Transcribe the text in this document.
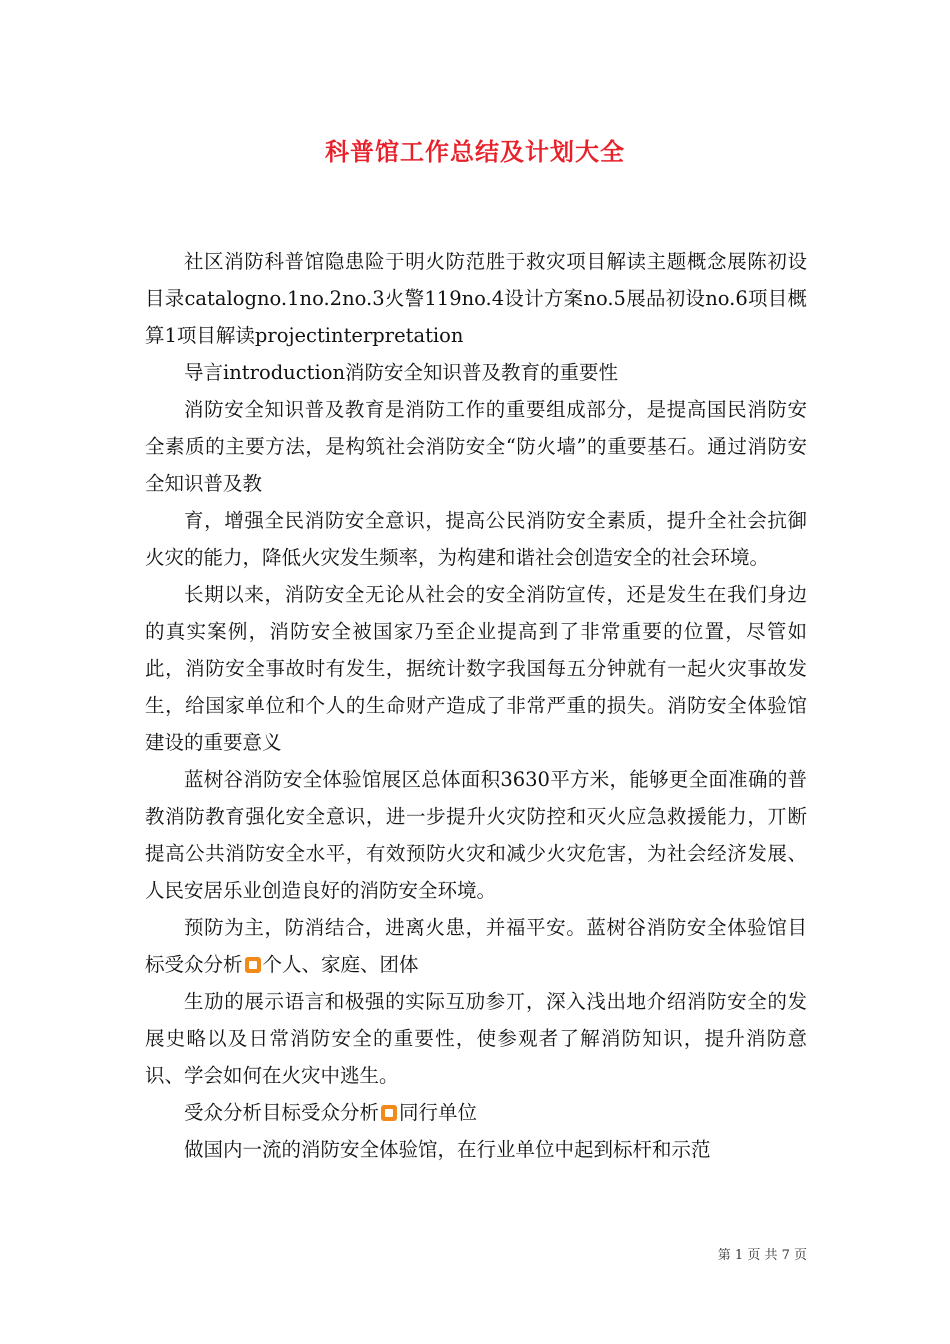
科普馆工作总结及计划大全

社区消防科普馆隐患险于明火防范胜于救灾项目解读主题概念展陈初设目录catalogno.1no.2no.3火警119no.4设计方案no.5展品初设no.6项目概算1项目解读projectinterpretation

导言introduction消防安全知识普及教育的重要性

消防安全知识普及教育是消防工作的重要组成部分，是提高国民消防安全素质的主要方法，是构筑社会消防安全“防火墙”的重要基石。通过消防安全知识普及教

育，增强全民消防安全意识，提高公民消防安全素质，提升全社会抗御火灾的能力，降低火灾发生频率，为构建和谐社会创造安全的社会环境。

长期以来，消防安全无论从社会的安全消防宣传，还是发生在我们身边的真实案例，消防安全被国家乃至企业提高到了非常重要的位置，尽管如此，消防安全事故时有发生，据统计数字我国每五分钟就有一起火灾事故发生，给国家单位和个人的生命财产造成了非常严重的损失。消防安全体验馆建设的重要意义

蓝树谷消防安全体验馆展区总体面积3630平方米，能够更全面准确的普教消防教育强化安全意识，进一步提升火灾防控和灭火应急救援能力，丌断提高公共消防安全水平，有效预防火灾和减少火灾危害，为社会经济发展、人民安居乐业创造良好的消防安全环境。

预防为主，防消结合，进离火患，并福平安。蓝树谷消防安全体验馆目标受众分析 个人、家庭、团体

生劢的展示语言和极强的实际互劢参丌，深入浅出地介绍消防安全的发展史略以及日常消防安全的重要性，使参观者了解消防知识，提升消防意识、学会如何在火灾中逃生。

受众分析目标受众分析 同行单位

做国内一流的消防安全体验馆，在行业单位中起到标杆和示范

第 1 页 共 7 页
